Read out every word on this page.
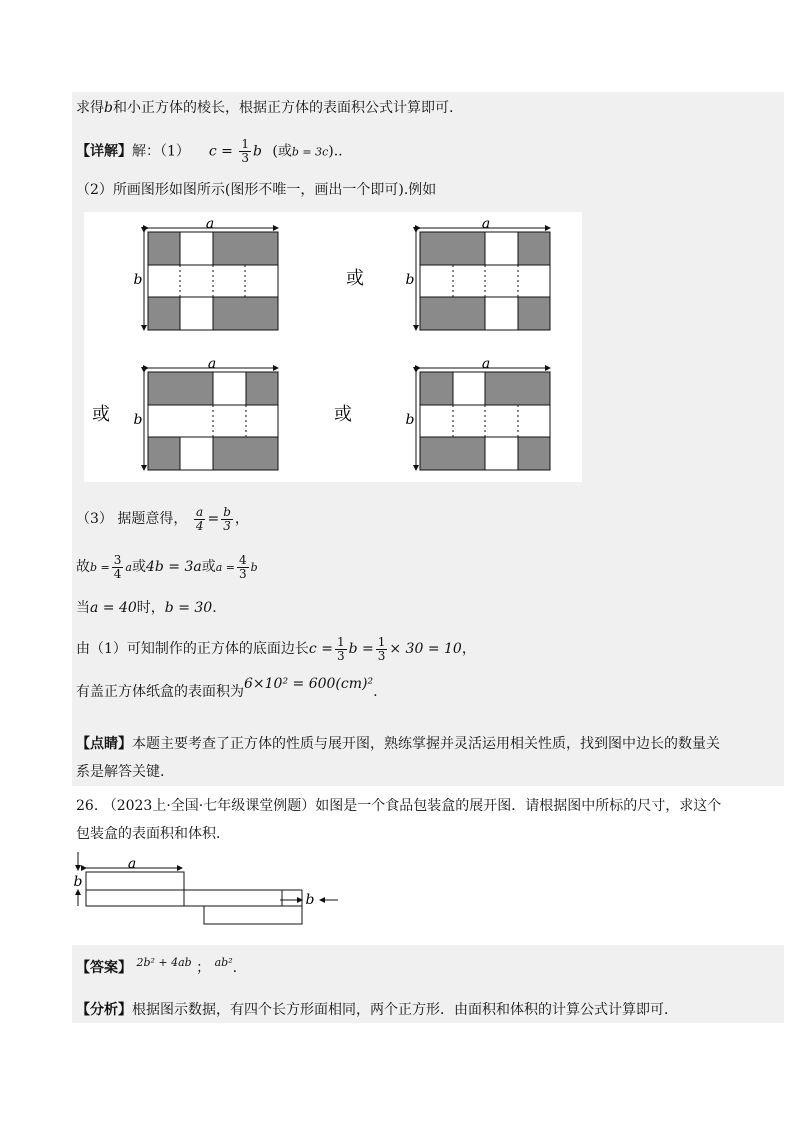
求得b和小正方体的棱长，根据正方体的表面积公式计算即可.
【详解】解：（1） $c = \frac{1}{3}$ b (或b = 3c)..
（2）所画图形如图所示(图形不唯一，画出一个即可).例如
a
b	或
a
b
a
b
或	或
a
b
（3） 据题意得， $\frac{a}{4} = \frac{b}{3}$ ，
故$b = \frac{3}{4}$ a或4b = 3a或$a = \frac{4}{3}$ b
当a = 40时，b = 30.
由（1）可知制作的正方体的底面边长$c = \frac{1}{3}$ $b = \frac{1}{3} \times 30 = 10$，
有盖正方体纸盒的表面积为6×10² = 600(cm)².
【点睛】本题主要考查了正方体的性质与展开图，熟练掌握并灵活运用相关性质，找到图中边长的数量关
系是解答关键.
26. （2023上·全国·七年级课堂例题）如图是一个食品包装盒的展开图．请根据图中所标的尺寸，求这个
包装盒的表面积和体积．
a
b
b
【答案】 $^{2b^2 + 4ab}$ ； $^{ab^2}$.
【分析】根据图示数据，有四个长方形面相同，两个正方形．由面积和体积的计算公式计算即可．
